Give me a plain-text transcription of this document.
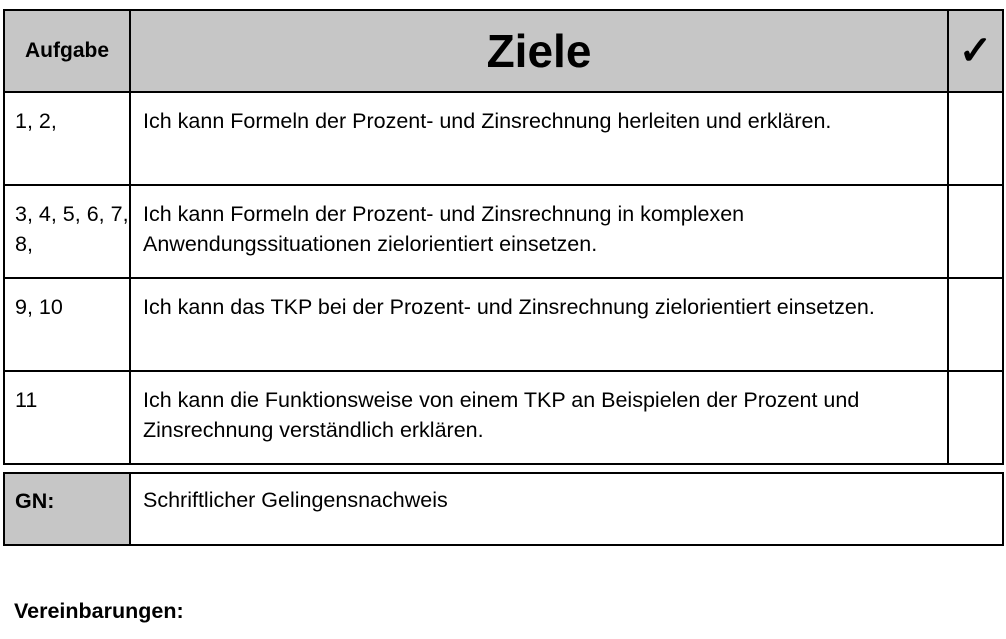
Aufgabe	Ziele	✓
1, 2,	Ich kann Formeln der Prozent- und Zinsrechnung herleiten und erklären.	
3, 4, 5, 6, 7, 8,	Ich kann Formeln der Prozent- und Zinsrechnung in komplexen Anwendungssituationen zielorientiert einsetzen.	
9, 10	Ich kann das TKP bei der Prozent- und Zinsrechnung zielorientiert einsetzen.	
11	Ich kann die Funktionsweise von einem TKP an Beispielen der Prozent und Zinsrechnung verständlich erklären.	
GN:	Schriftlicher Gelingensnachweis
Vereinbarungen:
